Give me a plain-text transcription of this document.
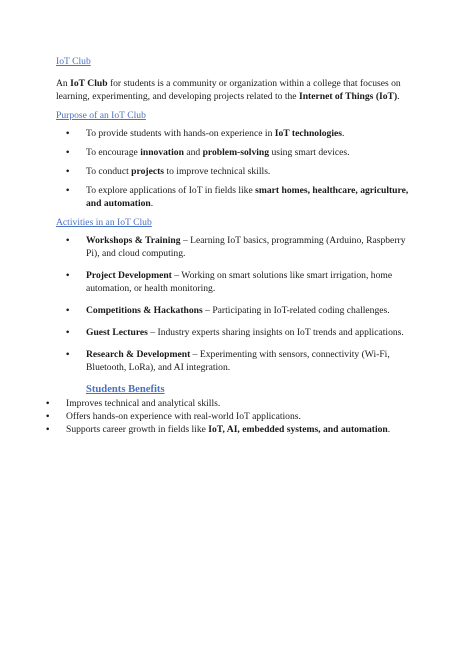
IoT Club

An IoT Club for students is a community or organization within a college that focuses on learning, experimenting, and developing projects related to the Internet of Things (IoT).

Purpose of an IoT Club

• To provide students with hands-on experience in IoT technologies.
• To encourage innovation and problem-solving using smart devices.
• To conduct projects to improve technical skills.
• To explore applications of IoT in fields like smart homes, healthcare, agriculture, and automation.

Activities in an IoT Club

• Workshops & Training – Learning IoT basics, programming (Arduino, Raspberry Pi), and cloud computing.
• Project Development – Working on smart solutions like smart irrigation, home automation, or health monitoring.
• Competitions & Hackathons – Participating in IoT-related coding challenges.
• Guest Lectures – Industry experts sharing insights on IoT trends and applications.
• Research & Development – Experimenting with sensors, connectivity (Wi-Fi, Bluetooth, LoRa), and AI integration.

Students Benefits

• Improves technical and analytical skills.
• Offers hands-on experience with real-world IoT applications.
• Supports career growth in fields like IoT, AI, embedded systems, and automation.
